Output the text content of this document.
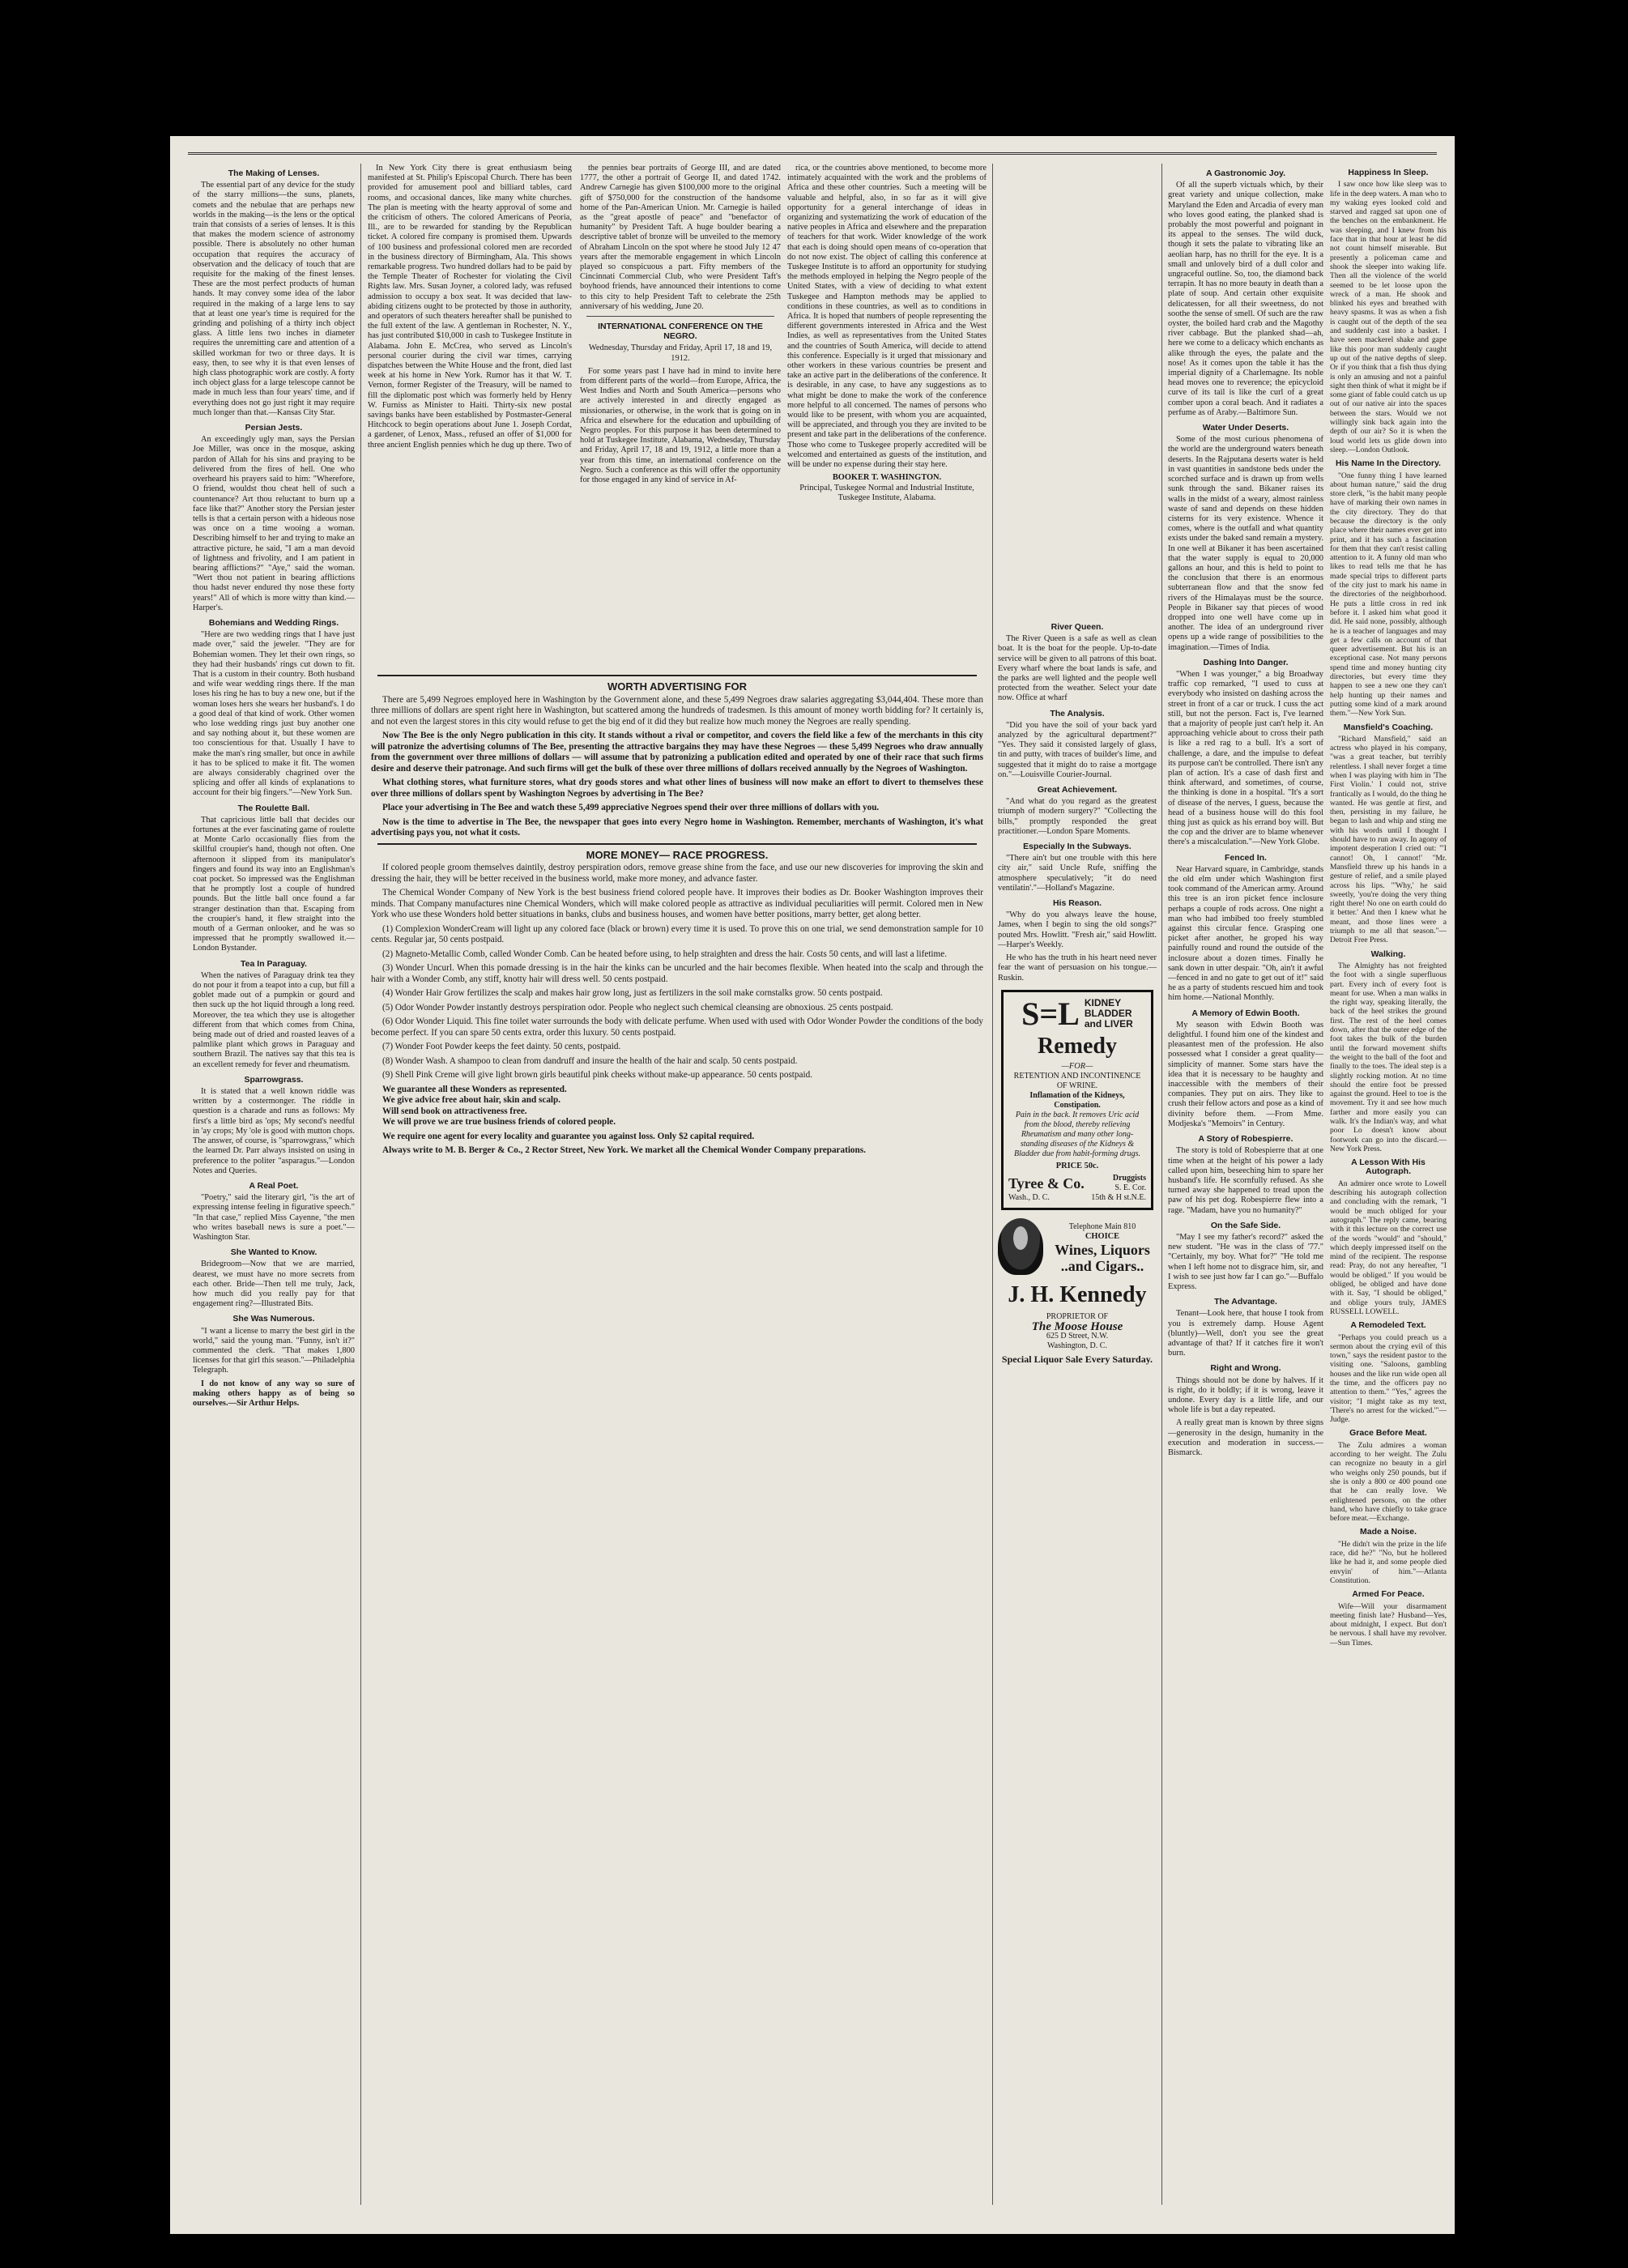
The Making of Lenses.

The essential part of any device for the study of the starry millions—the suns, planets, comets and the nebulae that are perhaps new worlds in the making—is the lens or the optical train that consists of a series of lenses. It is this that makes the modern science of astronomy possible. There is absolutely no other human occupation that requires the accuracy of observation and the delicacy of touch that are requisite for the making of the finest lenses. These are the most perfect products of human hands. It may convey some idea of the labor required in the making of a large lens to say that at least one year's time is required for the grinding and polishing of a thirty inch object glass. A little lens two inches in diameter requires the unremitting care and attention of a skilled workman for two or three days. It is easy, then, to see why it is that even lenses of high class photographic work are costly. A forty inch object glass for a large telescope cannot be made in much less than four years' time, and if everything does not go just right it may require much longer than that.—Kansas City Star.

Persian Jests.

An exceedingly ugly man, says the Persian Joe Miller, was once in the mosque, asking pardon of Allah for his sins and praying to be delivered from the fires of hell. One who overheard his prayers said to him: "Wherefore, O friend, wouldst thou cheat hell of such a countenance? Art thou reluctant to burn up a face like that?" Another story the Persian jester tells is that a certain person with a hideous nose was once on a time wooing a woman. Describing himself to her and trying to make an attractive picture, he said, "I am a man devoid of lightness and frivolity, and I am patient in bearing afflictions?" "Aye," said the woman. "Wert thou not patient in bearing afflictions thou hadst never endured thy nose these forty years!" All of which is more witty than kind.—Harper's.

Bohemians and Wedding Rings.

"Here are two wedding rings that I have just made over," said the jeweler. "They are for Bohemian women. They let their own rings, so they had their husbands' rings cut down to fit. That is a custom in their country. Both husband and wife wear wedding rings there. If the man loses his ring he has to buy a new one, but if the woman loses hers she wears her husband's. I do a good deal of that kind of work. Other women who lose wedding rings just buy another one and say nothing about it, but these women are too conscientious for that. Usually I have to make the man's ring smaller, but once in awhile it has to be spliced to make it fit. The women are always considerably chagrined over the splicing and offer all kinds of explanations to account for their big fingers."—New York Sun.

The Roulette Ball.

That capricious little ball that decides our fortunes at the ever fascinating game of roulette at Monte Carlo occasionally flies from the skillful croupier's hand, though not often. One afternoon it slipped from its manipulator's fingers and found its way into an Englishman's coat pocket. So impressed was the Englishman that he promptly lost a couple of hundred pounds. But the little ball once found a far stranger destination than that. Escaping from the croupier's hand, it flew straight into the mouth of a German onlooker, and he was so impressed that he promptly swallowed it.—London Bystander.

Tea In Paraguay.

When the natives of Paraguay drink tea they do not pour it from a teapot into a cup, but fill a goblet made out of a pumpkin or gourd and then suck up the hot liquid through a long reed. Moreover, the tea which they use is altogether different from that which comes from China, being made out of dried and roasted leaves of a palmlike plant which grows in Paraguay and southern Brazil. The natives say that this tea is an excellent remedy for fever and rheumatism.

Sparrowgrass.

It is stated that a well known riddle was written by a costermonger. The riddle in question is a charade and runs as follows: My first's a little bird as 'ops; My second's needful in 'ay crops; My 'ole is good with mutton chops. The answer, of course, is "sparrowgrass," which the learned Dr. Parr always insisted on using in preference to the politer "asparagus."—London Notes and Queries.

A Real Poet.

"Poetry," said the literary girl, "is the art of expressing intense feeling in figurative speech." "In that case," replied Miss Cayenne, "the men who writes baseball news is sure a poet."—Washington Star.

She Wanted to Know.

Bridegroom—Now that we are married, dearest, we must have no more secrets from each other. Bride—Then tell me truly, Jack, how much did you really pay for that engagement ring?—Illustrated Bits.

She Was Numerous.

"I want a license to marry the best girl in the world," said the young man. "Funny, isn't it?" commented the clerk. "That makes 1,800 licenses for that girl this season."—Philadelphia Telegraph.

I do not know of any way so sure of making others happy as of being so ourselves.—Sir Arthur Helps.

In New York City there is great enthusiasm being manifested at St. Philip's Episcopal Church. There has been provided for amusement pool and billiard tables, card rooms, and occasional dances, like many white churches. The plan is meeting with the hearty approval of some and the criticism of others. The colored Americans of Peoria, Ill., are to be rewarded for standing by the Republican ticket. A colored fire company is promised them. Upwards of 100 business and professional colored men are recorded in the business directory of Birmingham, Ala. This shows remarkable progress. Two hundred dollars had to be paid by the Temple Theater of Rochester for violating the Civil Rights law. Mrs. Susan Joyner, a colored lady, was refused admission to occupy a box seat. It was decided that law-abiding citizens ought to be protected by those in authority, and operators of such theaters hereafter shall be punished to the full extent of the law. A gentleman in Rochester, N. Y., has just contributed $10,000 in cash to Tuskegee Institute in Alabama. John E. McCrea, who served as Lincoln's personal courier during the civil war times, carrying dispatches between the White House and the front, died last week at his home in New York. Rumor has it that W. T. Vernon, former Register of the Treasury, will be named to fill the diplomatic post which was formerly held by Henry W. Furniss as Minister to Haiti. Thirty-six new postal savings banks have been established by Postmaster-General Hitchcock to begin operations about June 1. Joseph Cordat, a gardener, of Lenox, Mass., refused an offer of $1,000 for three ancient English pennies which he dug up there. Two of

the pennies bear portraits of George III, and are dated 1777, the other a portrait of George II, and dated 1742. Andrew Carnegie has given $100,000 more to the original gift of $750,000 for the construction of the handsome home of the Pan-American Union. Mr. Carnegie is hailed as the "great apostle of peace" and "benefactor of humanity" by President Taft. A huge boulder bearing a descriptive tablet of bronze will be unveiled to the memory of Abraham Lincoln on the spot where he stood July 12 47 years after the memorable engagement in which Lincoln played so conspicuous a part. Fifty members of the Cincinnati Commercial Club, who were President Taft's boyhood friends, have announced their intentions to come to this city to help President Taft to celebrate the 25th anniversary of his wedding, June 20.

INTERNATIONAL CONFERENCE ON THE NEGRO.

Wednesday, Thursday and Friday, April 17, 18 and 19, 1912.

For some years past I have had in mind to invite here from different parts of the world—from Europe, Africa, the West Indies and North and South America—persons who are actively interested in and directly engaged as missionaries, or otherwise, in the work that is going on in Africa and elsewhere for the education and upbuilding of Negro peoples. For this purpose it has been determined to hold at Tuskegee Institute, Alabama, Wednesday, Thursday and Friday, April 17, 18 and 19, 1912, a little more than a year from this time, an international conference on the Negro. Such a conference as this will offer the opportunity for those engaged in any kind of service in Af-

rica, or the countries above mentioned, to become more intimately acquainted with the work and the problems of Africa and these other countries. Such a meeting will be valuable and helpful, also, in so far as it will give opportunity for a general interchange of ideas in organizing and systematizing the work of education of the native peoples in Africa and elsewhere and the preparation of teachers for that work. Wider knowledge of the work that each is doing should open means of co-operation that do not now exist. The object of calling this conference at Tuskegee Institute is to afford an opportunity for studying the methods employed in helping the Negro people of the United States, with a view of deciding to what extent Tuskegee and Hampton methods may be applied to conditions in these countries, as well as to conditions in Africa. It is hoped that numbers of people representing the different governments interested in Africa and the West Indies, as well as representatives from the United States and the countries of South America, will decide to attend this conference. Especially is it urged that missionary and other workers in these various countries be present and take an active part in the deliberations of the conference. It is desirable, in any case, to have any suggestions as to what might be done to make the work of the conference more helpful to all concerned. The names of persons who would like to be present, with whom you are acquainted, will be appreciated, and through you they are invited to be present and take part in the deliberations of the conference. Those who come to Tuskegee properly accredited will be welcomed and entertained as guests of the institution, and will be under no expense during their stay here.

BOOKER T. WASHINGTON.

Principal, Tuskegee Normal and Industrial Institute, Tuskegee Institute, Alabama.

WORTH ADVERTISING FOR

There are 5,499 Negroes employed here in Washington by the Government alone, and these 5,499 Negroes draw salaries aggregating $3,044,404. These more than three millions of dollars are spent right here in Washington, but scattered among the hundreds of tradesmen. Is this amount of money worth bidding for? It certainly is, and not even the largest stores in this city would refuse to get the big end of it did they but realize how much money the Negroes are really spending.

Now The Bee is the only Negro publication in this city. It stands without a rival or competitor, and covers the field like a few of the merchants in this city will patronize the advertising columns of The Bee, presenting the attractive bargains they may have these Negroes — these 5,499 Negroes who draw annually from the government over three millions of dollars — will assume that by patronizing a publication edited and operated by one of their race that such firms desire and deserve their patronage. And such firms will get the bulk of these over three millions of dollars received annually by the Negroes of Washington.

What clothing stores, what furniture stores, what dry goods stores and what other lines of business will now make an effort to divert to themselves these over three millions of dollars spent by Washington Negroes by advertising in The Bee?

Place your advertising in The Bee and watch these 5,499 appreciative Negroes spend their over three millions of dollars with you.

Now is the time to advertise in The Bee, the newspaper that goes into every Negro home in Washington. Remember, merchants of Washington, it's what advertising pays you, not what it costs.

MORE MONEY— RACE PROGRESS.

If colored people groom themselves daintily, destroy perspiration odors, remove grease shine from the face, and use our new discoveries for improving the skin and dressing the hair, they will be better received in the business world, make more money, and advance faster.

The Chemical Wonder Company of New York is the best business friend colored people have. It improves their bodies as Dr. Booker Washington improves their minds. That Company manufactures nine Chemical Wonders, which will make colored people as attractive as individual peculiarities will permit. Colored men in New York who use these Wonders hold better situations in banks, clubs and business houses, and women have better positions, marry better, get along better.

(1) Complexion WonderCream will light up any colored face (black or brown) every time it is used. To prove this on one trial, we send demonstration sample for 10 cents. Regular jar, 50 cents postpaid.

(2) Magneto-Metallic Comb, called Wonder Comb. Can be heated before using, to help straighten and dress the hair. Costs 50 cents, and will last a lifetime.

(3) Wonder Uncurl. When this pomade dressing is in the hair the kinks can be uncurled and the hair becomes flexible. When heated into the scalp and through the hair with a Wonder Comb, any stiff, knotty hair will dress well. 50 cents postpaid.

(4) Wonder Hair Grow fertilizes the scalp and makes hair grow long, just as fertilizers in the soil make cornstalks grow. 50 cents postpaid.

(5) Odor Wonder Powder instantly destroys perspiration odor. People who neglect such chemical cleansing are obnoxious. 25 cents postpaid.

(6) Odor Wonder Liquid. This fine toilet water surrounds the body with delicate perfume. When used with used with Odor Wonder Powder the conditions of the body become perfect. If you can spare 50 cents extra, order this luxury. 50 cents postpaid.

(7) Wonder Foot Powder keeps the feet dainty. 50 cents, postpaid.

(8) Wonder Wash. A shampoo to clean from dandruff and insure the health of the hair and scalp. 50 cents postpaid.

(9) Shell Pink Creme will give light brown girls beautiful pink cheeks without make-up appearance. 50 cents postpaid.

We guarantee all these Wonders as represented.

We give advice free about hair, skin and scalp.

Will send book on attractiveness free.

We will prove we are true business friends of colored people.

We require one agent for every locality and guarantee you against loss. Only $2 capital required.

Always write to M. B. Berger & Co., 2 Rector Street, New York. We market all the Chemical Wonder Company preparations.

River Queen.

The River Queen is a safe as well as clean boat. It is the boat for the people. Up-to-date service will be given to all patrons of this boat. Every wharf where the boat lands is safe, and the parks are well lighted and the people well protected from the weather. Select your date now. Office at wharf

The Analysis.

"Did you have the soil of your back yard analyzed by the agricultural department?" "Yes. They said it consisted largely of glass, tin and putty, with traces of builder's lime, and suggested that it might do to raise a mortgage on."—Louisville Courier-Journal.

Great Achievement.

"And what do you regard as the greatest triumph of modern surgery?" "Collecting the bills," promptly responded the great practitioner.—London Spare Moments.

Especially In the Subways.

"There ain't but one trouble with this here city air," said Uncle Rufe, sniffing the atmosphere speculatively; "it do need ventilatin'."—Holland's Magazine.

His Reason.

"Why do you always leave the house, James, when I begin to sing the old songs?" pouted Mrs. Howlitt. "Fresh air," said Howlitt.—Harper's Weekly.

He who has the truth in his heart need never fear the want of persuasion on his tongue.—Ruskin.

S=L KIDNEY
BLADDER
and LIVER
Remedy
—FOR—
RETENTION AND INCONTINENCE OF WRINE.
Inflamation of the Kidneys, Constipation.
Pain in the back. It removes Uric acid from the blood, thereby relieving Rheumatism and many other long-standing diseases of the Kidneys & Bladder due from habit-forming drugs.
PRICE 50c.
Tyree & Co.	Druggists
S. E. Cor.
Wash., D. C.	15th & H st.N.E.
Telephone Main 810
CHOICE
Wines, Liquors
..and Cigars..
J. H. Kennedy
PROPRIETOR OF
The Moose House
625 D Street, N.W.
Washington, D. C.
Special Liquor Sale Every Saturday.
A Gastronomic Joy.

Of all the superb victuals which, by their great variety and unique collection, make Maryland the Eden and Arcadia of every man who loves good eating, the planked shad is probably the most powerful and poignant in its appeal to the senses. The wild duck, though it sets the palate to vibrating like an aeolian harp, has no thrill for the eye. It is a small and unlovely bird of a dull color and ungraceful outline. So, too, the diamond back terrapin. It has no more beauty in death than a plate of soup. And certain other exquisite delicatessen, for all their sweetness, do not soothe the sense of smell. Of such are the raw oyster, the boiled hard crab and the Magothy river cabbage. But the planked shad—ah, here we come to a delicacy which enchants as alike through the eyes, the palate and the nose! As it comes upon the table it has the imperial dignity of a Charlemagne. Its noble head moves one to reverence; the epicycloid curve of its tail is like the curl of a great comber upon a coral beach. And it radiates a perfume as of Araby.—Baltimore Sun.

Water Under Deserts.

Some of the most curious phenomena of the world are the underground waters beneath deserts. In the Rajputana deserts water is held in vast quantities in sandstone beds under the scorched surface and is drawn up from wells sunk through the sand. Bikaner raises its walls in the midst of a weary, almost rainless waste of sand and depends on these hidden cisterns for its very existence. Whence it comes, where is the outfall and what quantity exists under the baked sand remain a mystery. In one well at Bikaner it has been ascertained that the water supply is equal to 20,000 gallons an hour, and this is held to point to the conclusion that there is an enormous subterranean flow and that the snow fed rivers of the Himalayas must be the source. People in Bikaner say that pieces of wood dropped into one well have come up in another. The idea of an underground river opens up a wide range of possibilities to the imagination.—Times of India.

Dashing Into Danger.

"When I was younger," a big Broadway traffic cop remarked, "I used to cuss at everybody who insisted on dashing across the street in front of a car or truck. I cuss the act still, but not the person. Fact is, I've learned that a majority of people just can't help it. An approaching vehicle about to cross their path is like a red rag to a bull. It's a sort of challenge, a dare, and the impulse to defeat its purpose can't be controlled. There isn't any plan of action. It's a case of dash first and think afterward, and sometimes, of course, the thinking is done in a hospital. "It's a sort of disease of the nerves, I guess, because the head of a business house will do this fool thing just as quick as his errand boy will. But the cop and the driver are to blame whenever there's a miscalculation."—New York Globe.

Fenced In.

Near Harvard square, in Cambridge, stands the old elm under which Washington first took command of the American army. Around this tree is an iron picket fence inclosure perhaps a couple of rods across. One night a man who had imbibed too freely stumbled against this circular fence. Grasping one picket after another, he groped his way painfully round and round the outside of the inclosure about a dozen times. Finally he sank down in utter despair. "Oh, ain't it awful—fenced in and no gate to get out of it!" said he as a party of students rescued him and took him home.—National Monthly.

A Memory of Edwin Booth.

My season with Edwin Booth was delightful. I found him one of the kindest and pleasantest men of the profession. He also possessed what I consider a great quality—simplicity of manner. Some stars have the idea that it is necessary to be haughty and inaccessible with the members of their companies. They put on airs. They like to crush their fellow actors and pose as a kind of divinity before them. —From Mme. Modjeska's "Memoirs" in Century.

A Story of Robespierre.

The story is told of Robespierre that at one time when at the height of his power a lady called upon him, beseeching him to spare her husband's life. He scornfully refused. As she turned away she happened to tread upon the paw of his pet dog. Robespierre flew into a rage. "Madam, have you no humanity?"

On the Safe Side.

"May I see my father's record?" asked the new student. "He was in the class of '77." "Certainly, my boy. What for?" "He told me when I left home not to disgrace him, sir, and I wish to see just how far I can go."—Buffalo Express.

The Advantage.

Tenant—Look here, that house I took from you is extremely damp. House Agent (bluntly)—Well, don't you see the great advantage of that? If it catches fire it won't burn.

Right and Wrong.

Things should not be done by halves. If it is right, do it boldly; if it is wrong, leave it undone. Every day is a little life, and our whole life is but a day repeated.

A really great man is known by three signs—generosity in the design, humanity in the execution and moderation in success.—Bismarck.

Happiness In Sleep.

I saw once how like sleep was to life in the deep waters. A man who to my waking eyes looked cold and starved and ragged sat upon one of the benches on the embankment. He was sleeping, and I knew from his face that in that hour at least he did not count himself miserable. But presently a policeman came and shook the sleeper into waking life. Then all the violence of the world seemed to be let loose upon the wreck of a man. He shook and blinked his eyes and breathed with heavy spasms. It was as when a fish is caught out of the depth of the sea and suddenly cast into a basket. I have seen mackerel shake and gape like this poor man suddenly caught up out of the native depths of sleep. Or if you think that a fish thus dying is only an amusing and not a painful sight then think of what it might be if some giant of fable could catch us up out of our native air into the spaces between the stars. Would we not willingly sink back again into the depth of our air? So it is when the loud world lets us glide down into sleep.—London Outlook.

His Name In the Directory.

"One funny thing I have learned about human nature," said the drug store clerk, "is the habit many people have of marking their own names in the city directory. They do that because the directory is the only place where their names ever get into print, and it has such a fascination for them that they can't resist calling attention to it. A funny old man who likes to read tells me that he has made special trips to different parts of the city just to mark his name in the directories of the neighborhood. He puts a little cross in red ink before it. I asked him what good it did. He said none, possibly, although he is a teacher of languages and may get a few calls on account of that queer advertisement. But his is an exceptional case. Not many persons spend time and money hunting city directories, but every time they happen to see a new one they can't help hunting up their names and putting some kind of a mark around them."—New York Sun.

Mansfield's Coaching.

"Richard Mansfield," said an actress who played in his company, "was a great teacher, but terribly relentless. I shall never forget a time when I was playing with him in 'The First Violin.' I could not, strive frantically as I would, do the thing he wanted. He was gentle at first, and then, persisting in my failure, he began to lash and whip and sting me with his words until I thought I should have to run away. In agony of impotent desperation I cried out: "'I cannot! Oh, I cannot!' "Mr. Mansfield threw up his hands in a gesture of relief, and a smile played across his lips. "'Why,' he said sweetly, 'you're doing the very thing right there! No one on earth could do it better.' And then I knew what he meant, and those lines were a triumph to me all that season."—Detroit Free Press.

Walking.

The Almighty has not freighted the foot with a single superfluous part. Every inch of every foot is meant for use. When a man walks in the right way, speaking literally, the back of the heel strikes the ground first. The rest of the heel comes down, after that the outer edge of the foot takes the bulk of the burden until the forward movement shifts the weight to the ball of the foot and finally to the toes. The ideal step is a slightly rocking motion. At no time should the entire foot be pressed against the ground. Heel to toe is the movement. Try it and see how much farther and more easily you can walk. It's the Indian's way, and what poor Lo doesn't know about footwork can go into the discard.—New York Press.

A Lesson With His Autograph.

An admirer once wrote to Lowell describing his autograph collection and concluding with the remark, "I would be much obliged for your autograph." The reply came, bearing with it this lecture on the correct use of the words "would" and "should," which deeply impressed itself on the mind of the recipient. The response read: Pray, do not any hereafter, "I would be obliged." If you would be obliged, be obliged and have done with it. Say, "I should be obliged," and oblige yours truly, JAMES RUSSELL LOWELL.

A Remodeled Text.

"Perhaps you could preach us a sermon about the crying evil of this town," says the resident pastor to the visiting one. "Saloons, gambling houses and the like run wide open all the time, and the officers pay no attention to them." "Yes," agrees the visitor; "I might take as my text, 'There's no arrest for the wicked.'"—Judge.

Grace Before Meat.

The Zulu admires a woman according to her weight. The Zulu can recognize no beauty in a girl who weighs only 250 pounds, but if she is only a 800 or 400 pound one that he can really love. We enlightened persons, on the other hand, who have chiefly to take grace before meat.—Exchange.

Made a Noise.

"He didn't win the prize in the life race, did he?" "No, but he hollered like he had it, and some people died envyin' of him."—Atlanta Constitution.

Armed For Peace.

Wife—Will your disarmament meeting finish late? Husband—Yes, about midnight, I expect. But don't be nervous. I shall have my revolver.—Sun Times.
